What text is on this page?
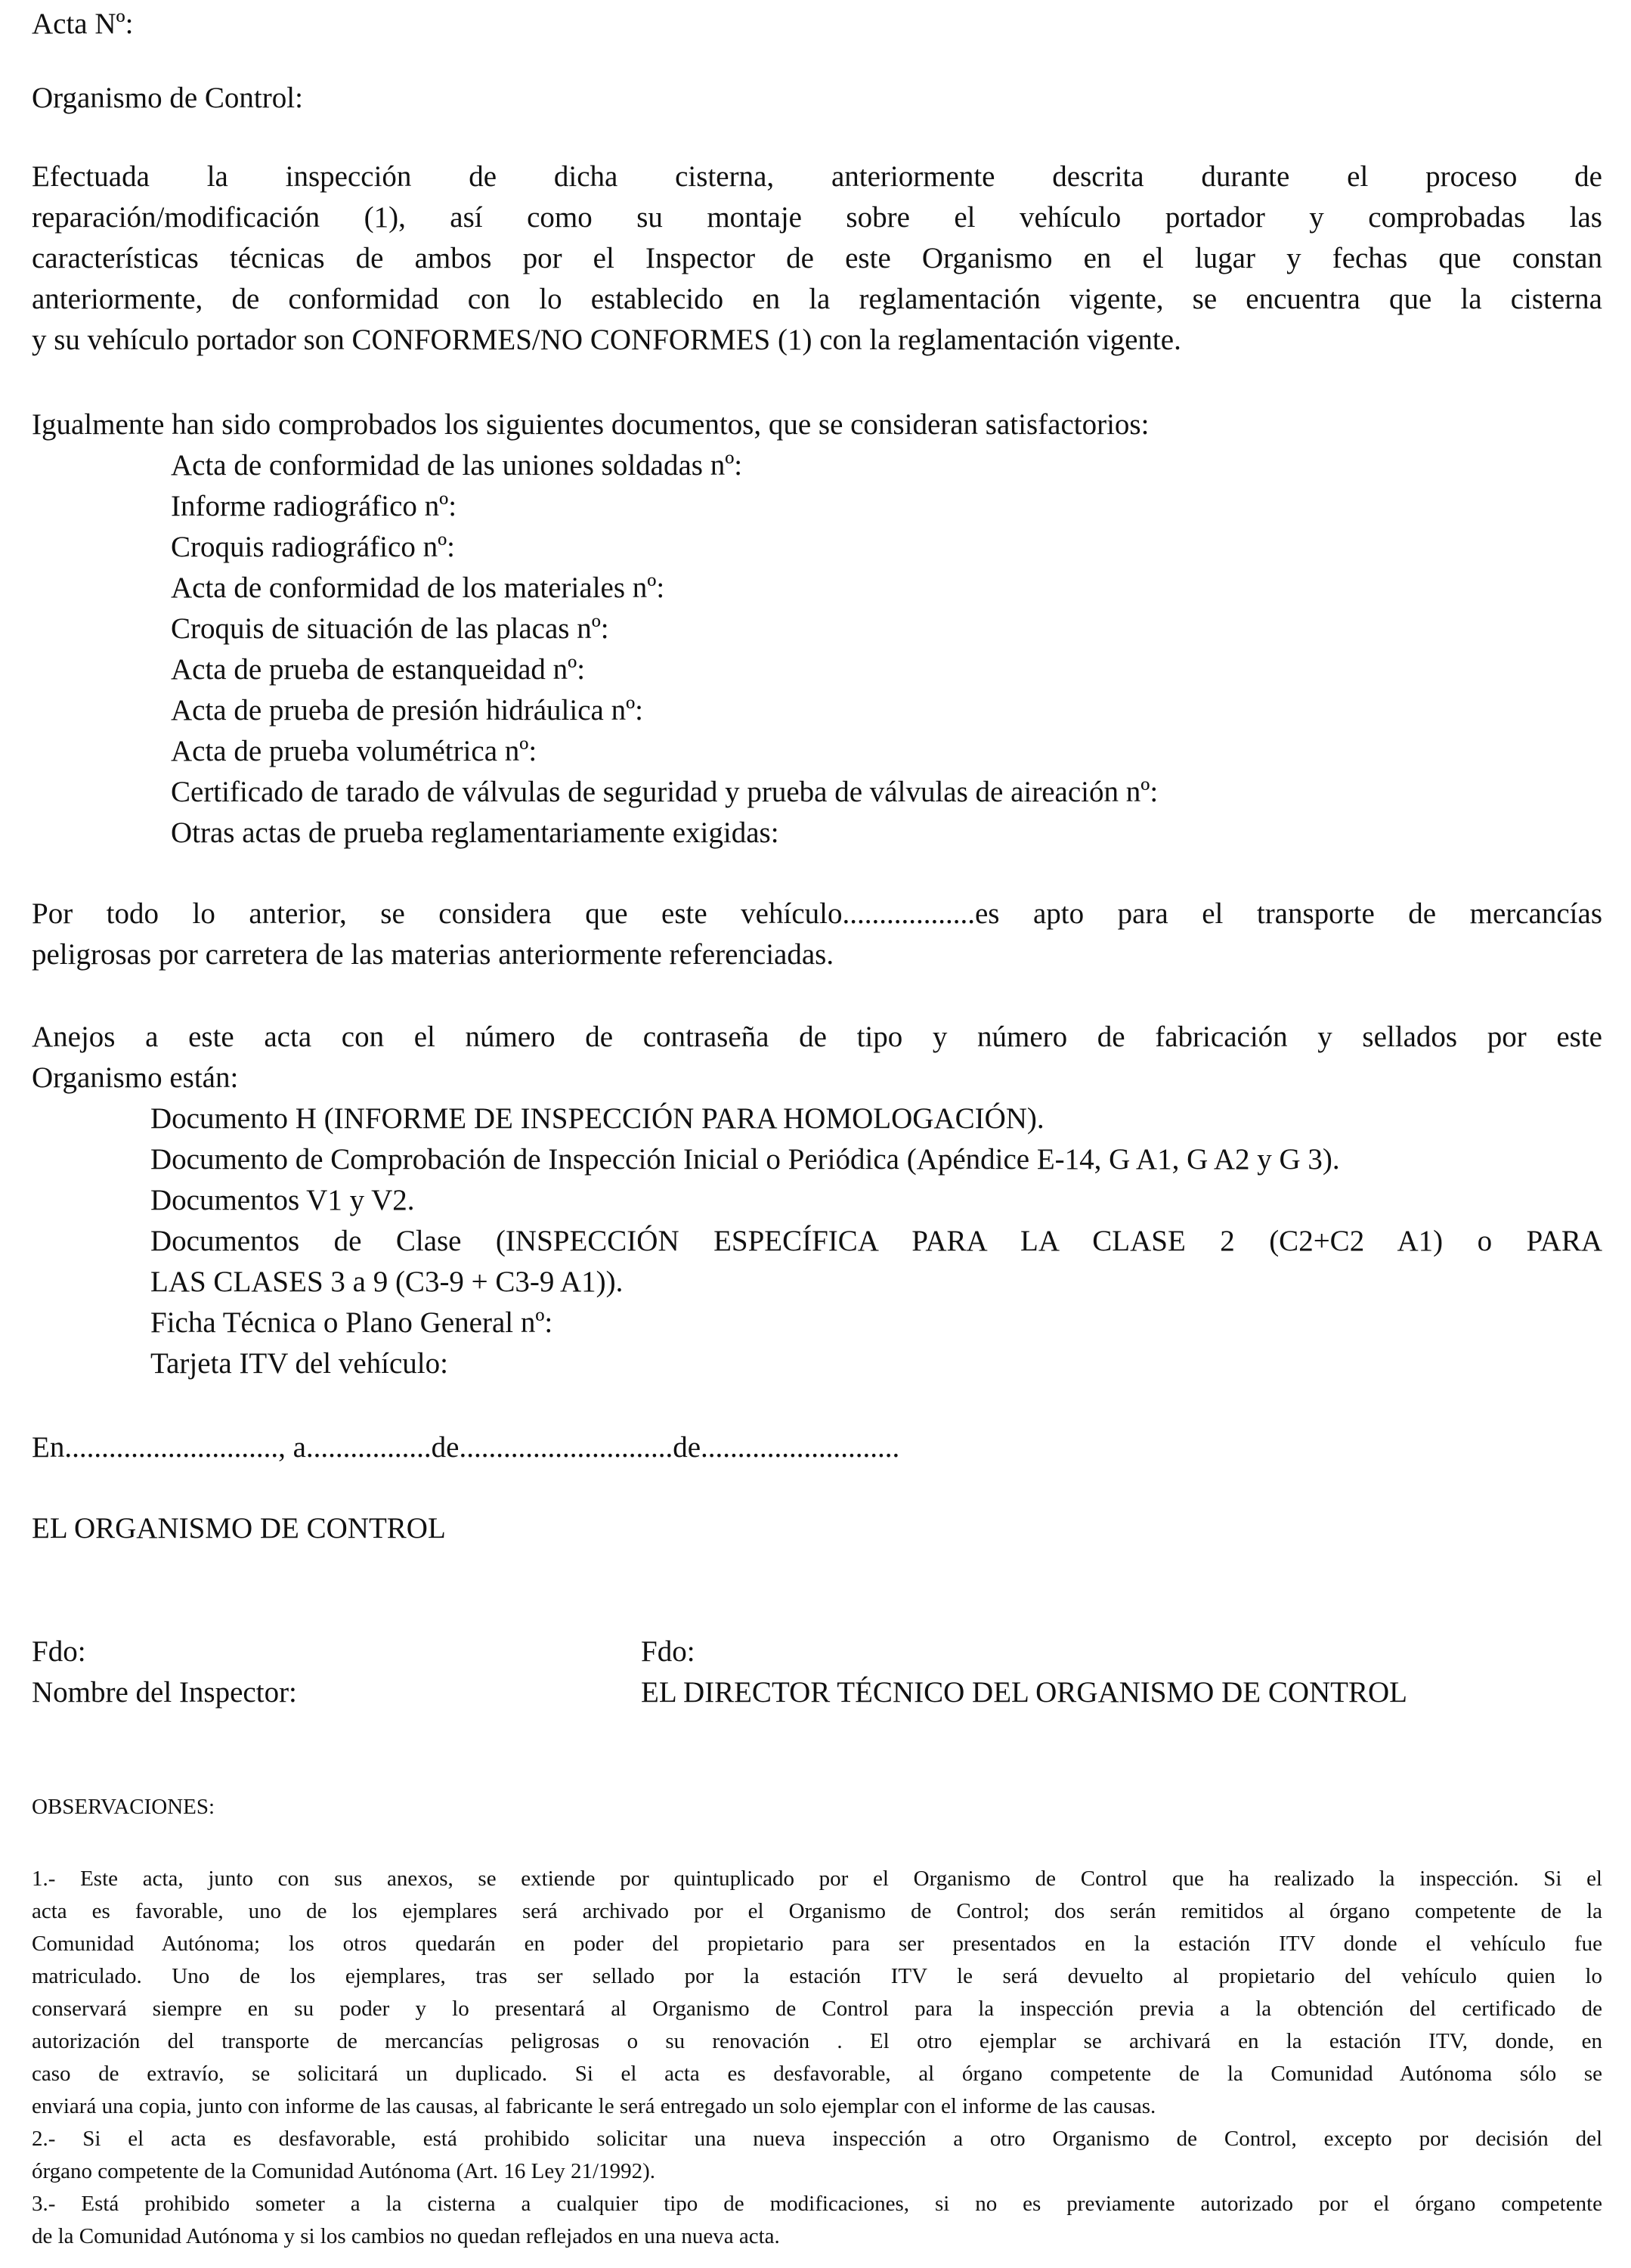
Acta Nº:
Organismo de Control:
Efectuada la inspección de dicha cisterna, anteriormente descrita durante el proceso de
reparación/modificación (1), así como su montaje sobre el vehículo portador y comprobadas las
características técnicas de ambos por el Inspector de este Organismo en el lugar y fechas que constan
anteriormente, de conformidad con lo establecido en la reglamentación vigente, se encuentra que la cisterna
y su vehículo portador son CONFORMES/NO CONFORMES (1) con la reglamentación vigente.
Igualmente han sido comprobados los siguientes documentos, que se consideran satisfactorios:
Acta de conformidad de las uniones soldadas nº:
Informe radiográfico nº:
Croquis radiográfico nº:
Acta de conformidad de los materiales nº:
Croquis de situación de las placas nº:
Acta de prueba de estanqueidad nº:
Acta de prueba de presión hidráulica nº:
Acta de prueba volumétrica nº:
Certificado de tarado de válvulas de seguridad y prueba de válvulas de aireación nº:
Otras actas de prueba reglamentariamente exigidas:
Por todo lo anterior, se considera que este vehículo..................es apto para el transporte de mercancías
peligrosas por carretera de las materias anteriormente referenciadas.
Anejos a este acta con el número de contraseña de tipo y número de fabricación y sellados por este
Organismo están:
Documento H (INFORME DE INSPECCIÓN PARA HOMOLOGACIÓN).
Documento de Comprobación de Inspección Inicial o Periódica (Apéndice E-14, G A1, G A2 y G 3).
Documentos V1 y V2.
Documentos de Clase (INSPECCIÓN ESPECÍFICA PARA LA CLASE 2 (C2+C2 A1) o PARA
LAS CLASES 3 a 9 (C3-9 + C3-9 A1)).
Ficha Técnica o Plano General nº:
Tarjeta ITV del vehículo:
En............................., a.................de.............................de...........................
EL ORGANISMO DE CONTROL
Fdo:
Nombre del Inspector:
Fdo:
EL DIRECTOR TÉCNICO DEL ORGANISMO DE CONTROL
OBSERVACIONES:
1.- Este acta, junto con sus anexos, se extiende por quintuplicado por el Organismo de Control que ha realizado la inspección. Si el
acta es favorable, uno de los ejemplares será archivado por el Organismo de Control; dos serán remitidos al órgano competente de la
Comunidad Autónoma; los otros quedarán en poder del propietario para ser presentados en la estación ITV donde el vehículo fue
matriculado. Uno de los ejemplares, tras ser sellado por la estación ITV le será devuelto al propietario del vehículo quien lo
conservará siempre en su poder y lo presentará al Organismo de Control para la inspección previa a la obtención del certificado de
autorización del transporte de mercancías peligrosas o su renovación . El otro ejemplar se archivará en la estación ITV, donde, en
caso de extravío, se solicitará un duplicado. Si el acta es desfavorable, al órgano competente de la Comunidad Autónoma sólo se
enviará una copia, junto con informe de las causas, al fabricante le será entregado un solo ejemplar con el informe de las causas.
2.- Si el acta es desfavorable, está prohibido solicitar una nueva inspección a otro Organismo de Control, excepto por decisión del
órgano competente de la Comunidad Autónoma (Art. 16 Ley 21/1992).
3.- Está prohibido someter a la cisterna a cualquier tipo de modificaciones, si no es previamente autorizado por el órgano competente
de la Comunidad Autónoma y si los cambios no quedan reflejados en una nueva acta.
